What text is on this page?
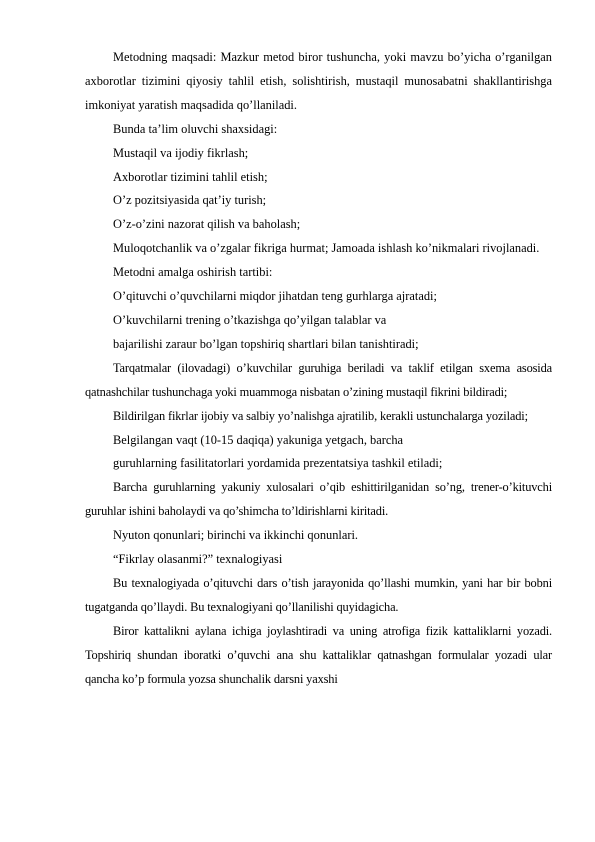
Metodning maqsadi: Mazkur metod biror tushuncha, yoki mavzu bo’yicha o’rganilgan axborotlar tizimini qiyosiy tahlil etish, solishtirish, mustaqil munosabatni shakllantirishga imkoniyat yaratish maqsadida qo’llaniladi.

Bunda ta’lim oluvchi shaxsidagi:

Mustaqil va ijodiy fikrlash;

Axborotlar tizimini tahlil etish;

O’z pozitsiyasida qat’iy turish;

O’z-o’zini nazorat qilish va baholash;

Muloqotchanlik va o’zgalar fikriga hurmat; Jamoada ishlash ko’nikmalari rivojlanadi.

Metodni amalga oshirish tartibi:

O’qituvchi o’quvchilarni miqdor jihatdan teng gurhlarga ajratadi;

O’kuvchilarni trening o’tkazishga qo’yilgan talablar va

bajarilishi zaraur bo’lgan topshiriq shartlari bilan tanishtiradi;

Tarqatmalar (ilovadagi) o’kuvchilar guruhiga beriladi va taklif etilgan sxema asosida qatnashchilar tushunchaga yoki muammoga nisbatan o’zining mustaqil fikrini bildiradi;

Bildirilgan fikrlar ijobiy va salbiy yo’nalishga ajratilib, kerakli ustunchalarga yoziladi;

Belgilangan vaqt (10-15 daqiqa) yakuniga yetgach, barcha

guruhlarning fasilitatorlari yordamida prezentatsiya tashkil etiladi;

Barcha guruhlarning yakuniy xulosalari o’qib eshittirilganidan so’ng, trener-o’kituvchi guruhlar ishini baholaydi va qo’shimcha to’ldirishlarni kiritadi.

Nyuton qonunlari; birinchi va ikkinchi qonunlari.

“Fikrlay olasanmi?” texnalogiyasi

Bu texnalogiyada o’qituvchi dars o’tish jarayonida qo’llashi mumkin, yani har bir bobni tugatganda qo’llaydi. Bu texnalogiyani qo’llanilishi quyidagicha.

Biror kattalikni aylana ichiga joylashtiradi va uning atrofiga fizik kattaliklarni yozadi. Topshiriq shundan iboratki o’quvchi ana shu kattaliklar qatnashgan formulalar yozadi ular qancha ko’p formula yozsa shunchalik darsni yaxshi
